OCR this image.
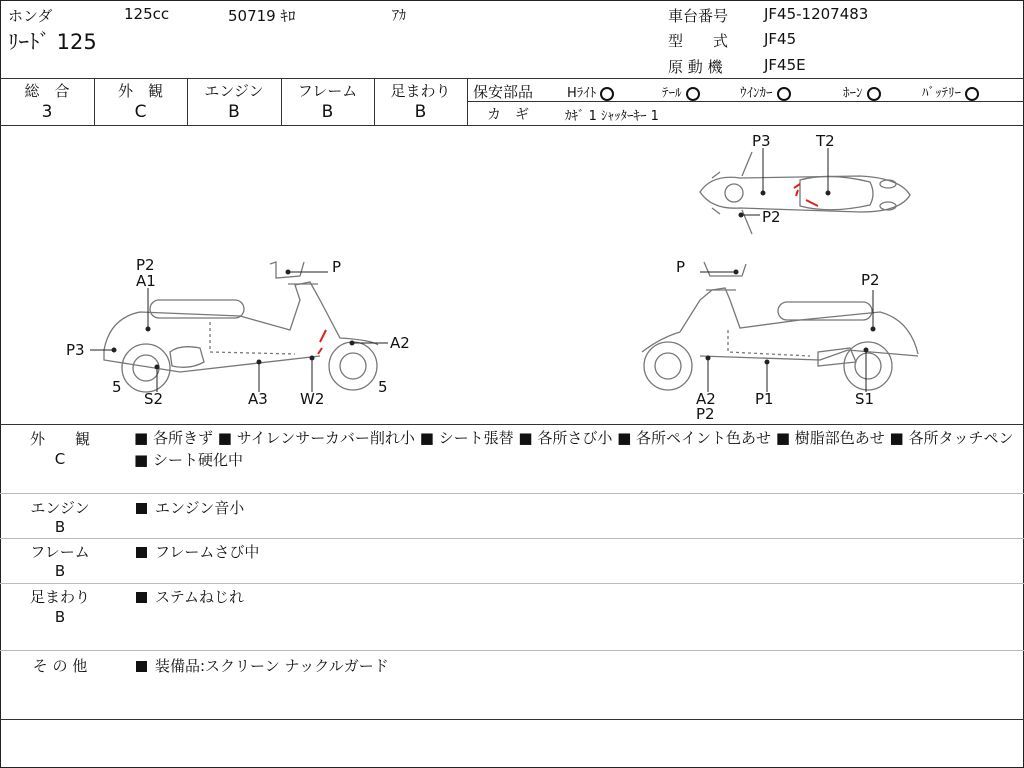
ホンダ	125cc	50719 ｷﾛ	ｱｶ
ﾘｰﾄﾞ 125
車台番号 JF45-1207483
型　　式 JF45
原 動 機	JF45E
総　合
3
外　観
C
エンジン
B
フレーム
B
足まわり
B
保安部品	Hﾗｲﾄ	ﾃｰﾙ	ｳｲﾝｶｰ	ﾎｰﾝ	ﾊﾞｯﾃﾘｰ
カ　ギ	ｶｷﾞ 1 ｼｬｯﾀｰｷｰ 1
P3	T2
P2
P2
A1
P
P3	A2
5	5
S2	A3 W2
P
P2
A2
P2
P1	S1
外　　観
C
■ 各所きず ■ サイレンサーカバー削れ小 ■ シート張替 ■ 各所さび小 ■ 各所ペイント色あせ ■ 樹脂部色あせ ■ 各所タッチペン ■ シート硬化中
エンジン
B
エンジン音小
フレーム
B
フレームさび中
足まわり
B
ステムねじれ
そ の 他	装備品:スクリーン ナックルガード
